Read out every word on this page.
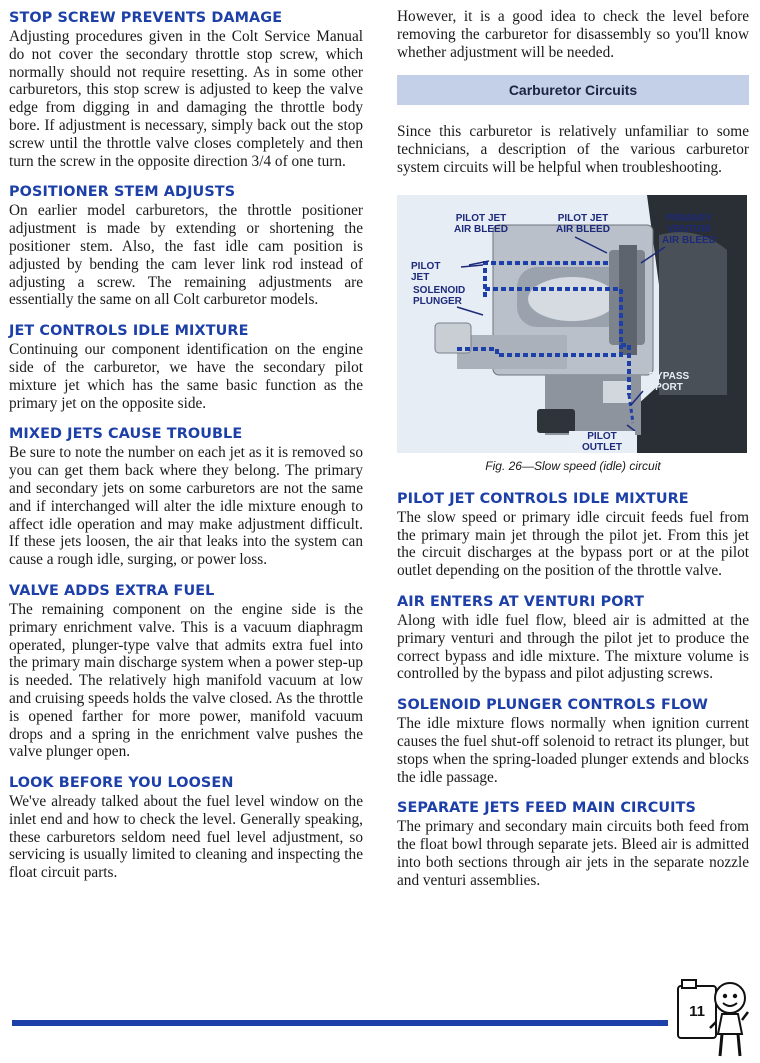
STOP SCREW PREVENTS DAMAGE

Adjusting procedures given in the Colt Service Manual do not cover the secondary throttle stop screw, which normally should not require resetting. As in some other carburetors, this stop screw is adjusted to keep the valve edge from digging in and damaging the throttle body bore. If adjustment is necessary, simply back out the stop screw until the throttle valve closes completely and then turn the screw in the opposite direction 3/4 of one turn.

POSITIONER STEM ADJUSTS

On earlier model carburetors, the throttle positioner adjustment is made by extending or shortening the positioner stem. Also, the fast idle cam position is adjusted by bending the cam lever link rod instead of adjusting a screw. The remaining adjustments are essentially the same on all Colt carburetor models.

JET CONTROLS IDLE MIXTURE

Continuing our component identification on the engine side of the carburetor, we have the secondary pilot mixture jet which has the same basic function as the primary jet on the opposite side.

MIXED JETS CAUSE TROUBLE

Be sure to note the number on each jet as it is removed so you can get them back where they belong. The primary and secondary jets on some carburetors are not the same and if interchanged will alter the idle mixture enough to affect idle operation and may make adjustment difficult. If these jets loosen, the air that leaks into the system can cause a rough idle, surging, or power loss.

VALVE ADDS EXTRA FUEL

The remaining component on the engine side is the primary enrichment valve. This is a vacuum diaphragm operated, plunger-type valve that admits extra fuel into the primary main discharge system when a power step-up is needed. The relatively high manifold vacuum at low and cruising speeds holds the valve closed. As the throttle is opened farther for more power, manifold vacuum drops and a spring in the enrichment valve pushes the valve plunger open.

LOOK BEFORE YOU LOOSEN

We've already talked about the fuel level window on the inlet end and how to check the level. Generally speaking, these carburetors seldom need fuel level adjustment, so servicing is usually limited to cleaning and inspecting the float circuit parts.

However, it is a good idea to check the level before removing the carburetor for disassembly so you'll know whether adjustment will be needed.

Carburetor Circuits

Since this carburetor is relatively unfamiliar to some technicians, a description of the various carburetor system circuits will be helpful when troubleshooting.

PILOT JET AIR BLEED
PILOT JET AIR BLEED
PRIMARY VENTURI AIR BLEED
PILOT JET
SOLENOID PLUNGER
BYPASS PORT
PILOT OUTLET
Fig. 26—Slow speed (idle) circuit
PILOT JET CONTROLS IDLE MIXTURE

The slow speed or primary idle circuit feeds fuel from the primary main jet through the pilot jet. From this jet the circuit discharges at the bypass port or at the pilot outlet depending on the position of the throttle valve.

AIR ENTERS AT VENTURI PORT

Along with idle fuel flow, bleed air is admitted at the primary venturi and through the pilot jet to produce the correct bypass and idle mixture. The mixture volume is controlled by the bypass and pilot adjusting screws.

SOLENOID PLUNGER CONTROLS FLOW

The idle mixture flows normally when ignition current causes the fuel shut-off solenoid to retract its plunger, but stops when the spring-loaded plunger extends and blocks the idle passage.

SEPARATE JETS FEED MAIN CIRCUITS

The primary and secondary main circuits both feed from the float bowl through separate jets. Bleed air is admitted into both sections through air jets in the separate nozzle and venturi assemblies.

11
